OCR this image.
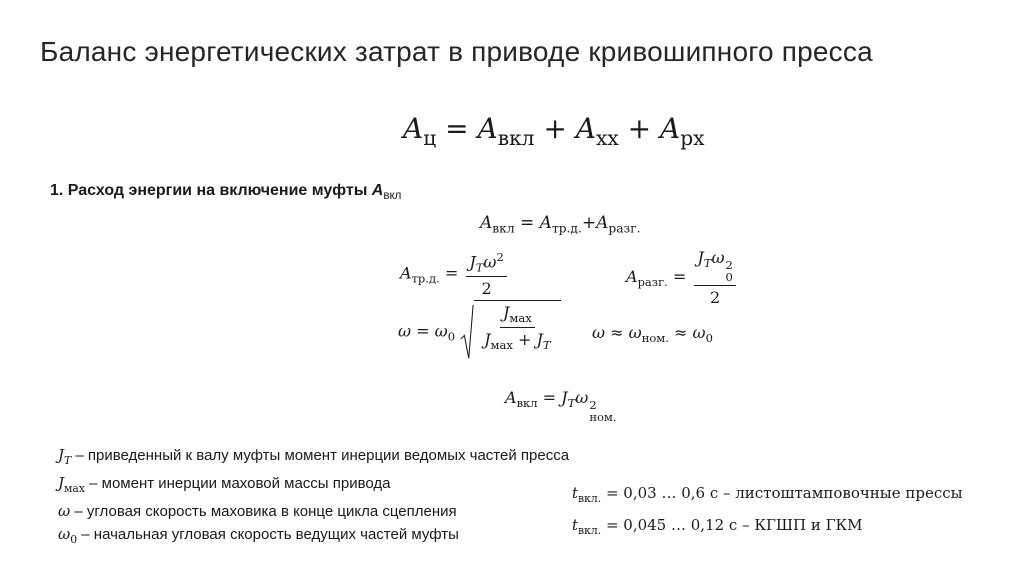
Баланс энергетических затрат в приводе кривошипного пресса
$A_ц = A_{вкл} + A_{хх} + A_{рх}$
1. Расход энергии на включение муфты $A_{вкл}$
$A_{вкл} = A_{тр.д.}+A_{разг.}$
$A_{тр.д.} = \frac{J_T\omega^2}{2}$	$A_{разг.} = J_T\omega$ 2
0
2
$\omega = \omega_0 \frac{J_{мах}}{J_{мах} + J_T}$ $\omega \approx \omega_{ном.} \approx \omega_0$
$A_{вкл} = J_T\omega$ 2
ном.
$J_T$ – приведенный к валу муфты момент инерции ведомых частей пресса
$J_{мах}$ – момент инерции маховой массы привода
ω – угловая скорость маховика в конце цикла сцепления
$\omega_0$ – начальная угловая скорость ведущих частей муфты
$t_{вкл.} = 0,03$ … 0,6 с – листоштамповочные прессы
$t_{вкл.} = 0,045$ … 0,12 с – КГШП и ГКМ
